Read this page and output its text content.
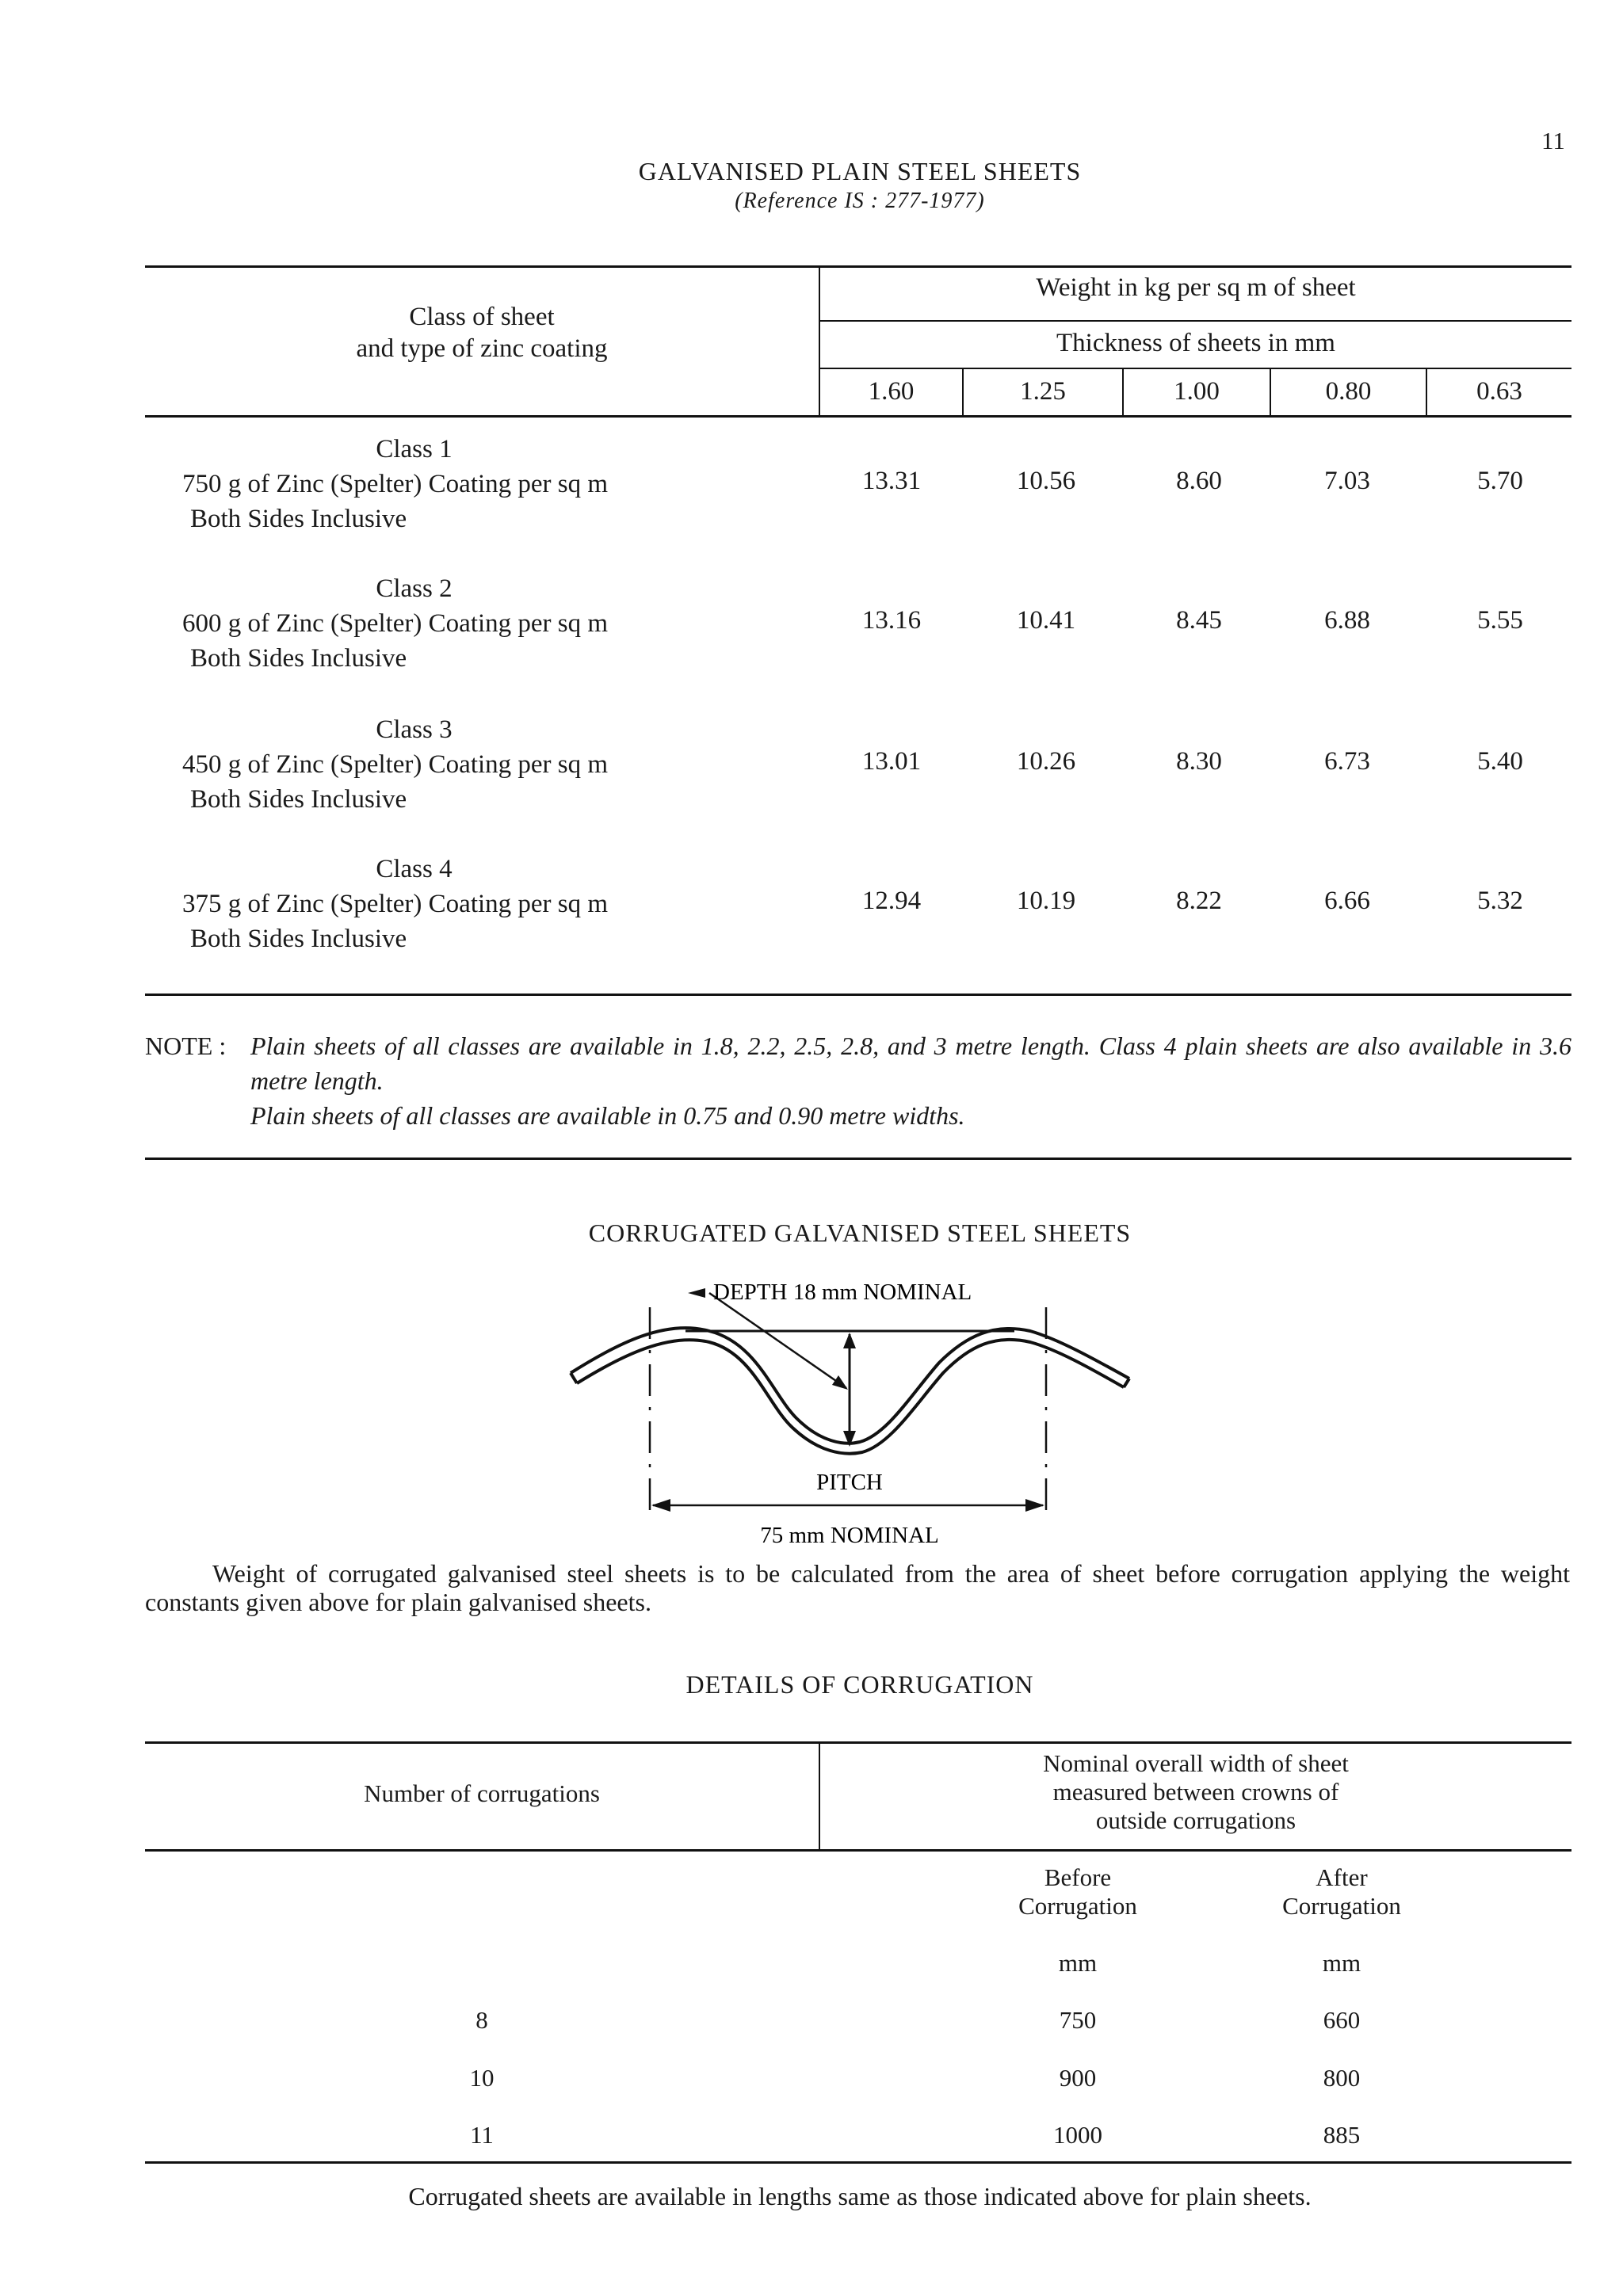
11
GALVANISED PLAIN STEEL SHEETS
(Reference IS : 277-1977)
Class of sheet
and type of zinc coating
Weight in kg per sq m of sheet
Thickness of sheets in mm
1.60	1.25	1.00	0.80	0.63
Class 1
750 g of Zinc (Spelter) Coating per sq m
Both Sides Inclusive
13.31	10.56	8.60	7.03	5.70
Class 2
600 g of Zinc (Spelter) Coating per sq m
Both Sides Inclusive
13.16	10.41	8.45	6.88	5.55
Class 3
450 g of Zinc (Spelter) Coating per sq m
Both Sides Inclusive
13.01	10.26	8.30	6.73	5.40
Class 4
375 g of Zinc (Spelter) Coating per sq m
Both Sides Inclusive
12.94	10.19	8.22	6.66	5.32
NOTE : Plain sheets of all classes are available in 1.8, 2.2, 2.5, 2.8, and 3 metre length. Class 4 plain sheets are also available in 3.6 metre length.
Plain sheets of all classes are available in 0.75 and 0.90 metre widths.
CORRUGATED GALVANISED STEEL SHEETS
DEPTH 18 mm NOMINAL
PITCH
75 mm NOMINAL
Weight of corrugated galvanised steel sheets is to be calculated from the area of sheet before corrugation applying the weight constants given above for plain galvanised sheets.
DETAILS OF CORRUGATION
Number of corrugations
Nominal overall width of sheet
measured between crowns of
outside corrugations
Before
Corrugation
After
Corrugation
mm	mm
8	750	660
10	900	800
11	1000	885
Corrugated sheets are available in lengths same as those indicated above for plain sheets.
